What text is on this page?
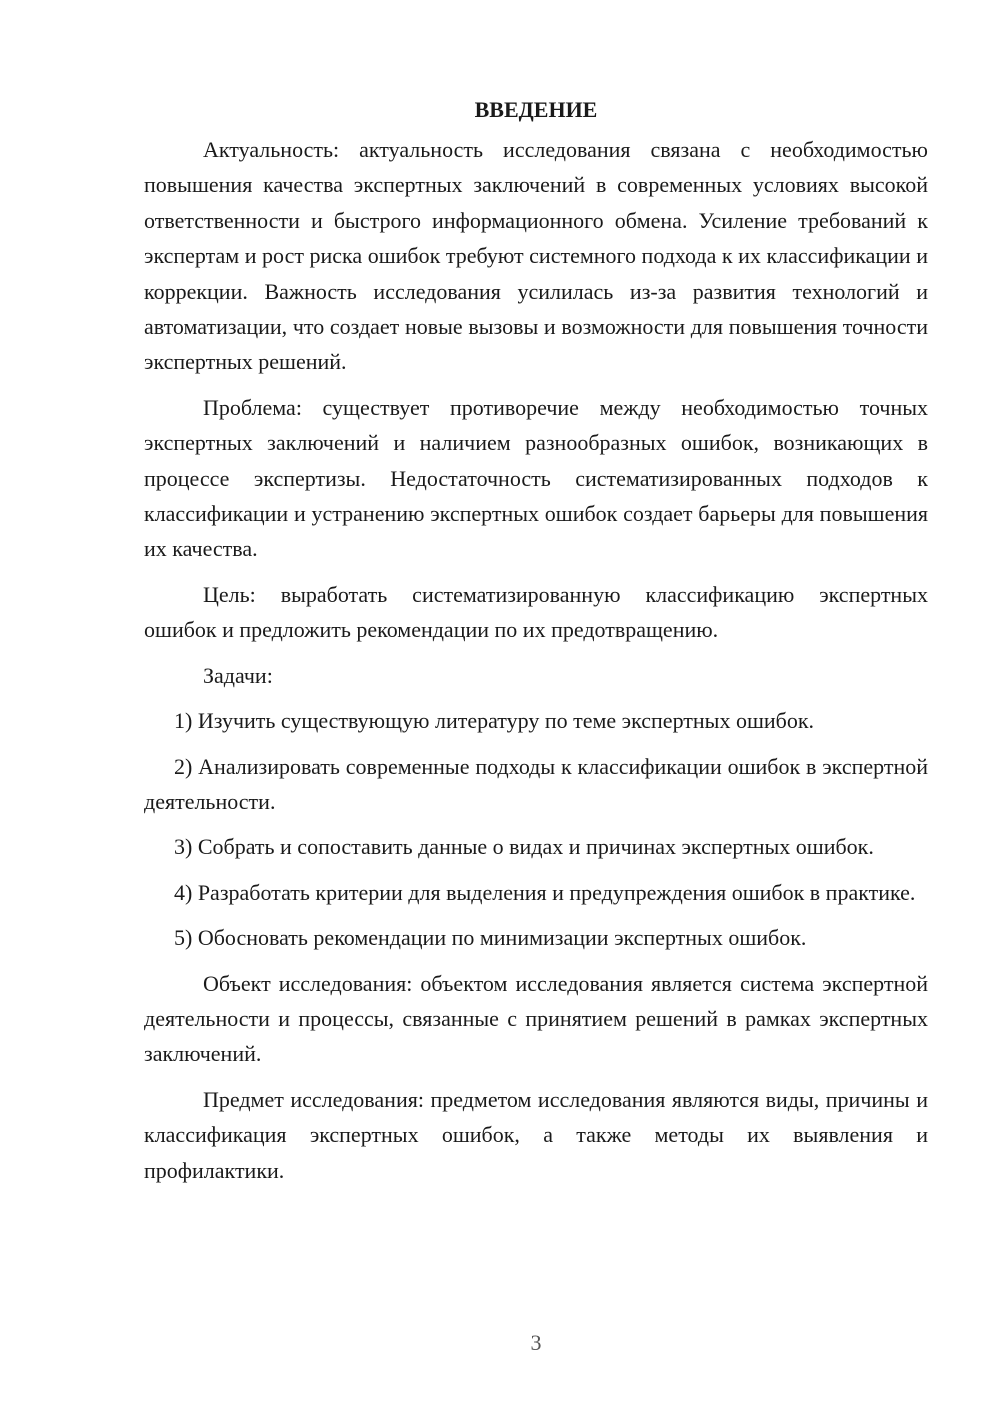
ВВЕДЕНИЕ

Актуальность: актуальность исследования связана с необходимостью повышения качества экспертных заключений в современных условиях высокой ответственности и быстрого информационного обмена. Усиление требований к экспертам и рост риска ошибок требуют системного подхода к их классификации и коррекции. Важность исследования усилилась из-за развития технологий и автоматизации, что создает новые вызовы и возможности для повышения точности экспертных решений.

Проблема: существует противоречие между необходимостью точных экспертных заключений и наличием разнообразных ошибок, возникающих в процессе экспертизы. Недостаточность систематизированных подходов к классификации и устранению экспертных ошибок создает барьеры для повышения их качества.

Цель: выработать систематизированную классификацию экспертных ошибок и предложить рекомендации по их предотвращению.

Задачи:

1) Изучить существующую литературу по теме экспертных ошибок.

2) Анализировать современные подходы к классификации ошибок в экспертной деятельности.

3) Собрать и сопоставить данные о видах и причинах экспертных ошибок.

4) Разработать критерии для выделения и предупреждения ошибок в практике.

5) Обосновать рекомендации по минимизации экспертных ошибок.

Объект исследования: объектом исследования является система экспертной деятельности и процессы, связанные с принятием решений в рамках экспертных заключений.

Предмет исследования: предметом исследования являются виды, причины и классификация экспертных ошибок, а также методы их выявления и профилактики.

3
